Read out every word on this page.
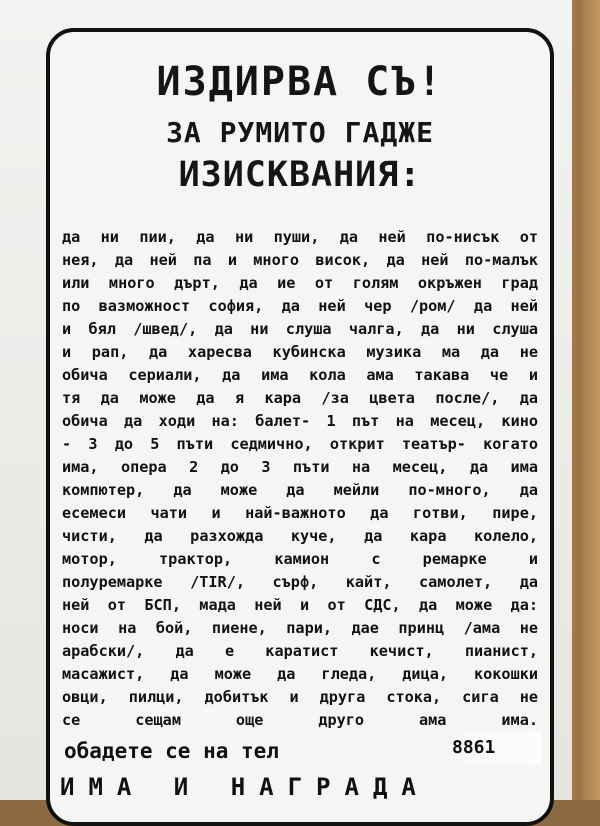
ИЗДИРВА СЪ!
ЗА РУМИТО ГАДЖЕ
ИЗИСКВАНИЯ:
да ни пии, да ни пуши, да ней по-нисък от
нея, да ней па и много висок, да ней по-малък
или много дърт, да ие от голям окръжен град
по вазможност софия, да ней чер /ром/ да ней
и бял /швед/, да ни слуша чалга, да ни слуша
и рап, да харесва кубинска музика ма да не
обича сериали, да има кола ама такава че и
тя да може да я кара /за цвета после/, да
обича да ходи на: балет- 1 път на месец, кино
- 3 до 5 пъти седмично, открит театър- когато
има, опера 2 до 3 пъти на месец, да има
компютер, да може да мейли по-много, да
есемеси чати и най-важното да готви, пире,
чисти, да разхожда куче, да кара колело,
мотор, трактор, камион с ремарке и
полуремарке /TIR/, сърф, кайт, самолет, да
ней от БСП, мада ней и от СДС, да може да:
носи на бой, пиене, пари, дае принц /ама не
арабски/, да е каратист кечист, пианист,
масажист, да може да гледа, дица, кокошки
овци, пилци, добитък и друга стока, сига не
се сещам още друго ама има.
обадете се на тел	8861
ИМА И НАГРАДА
